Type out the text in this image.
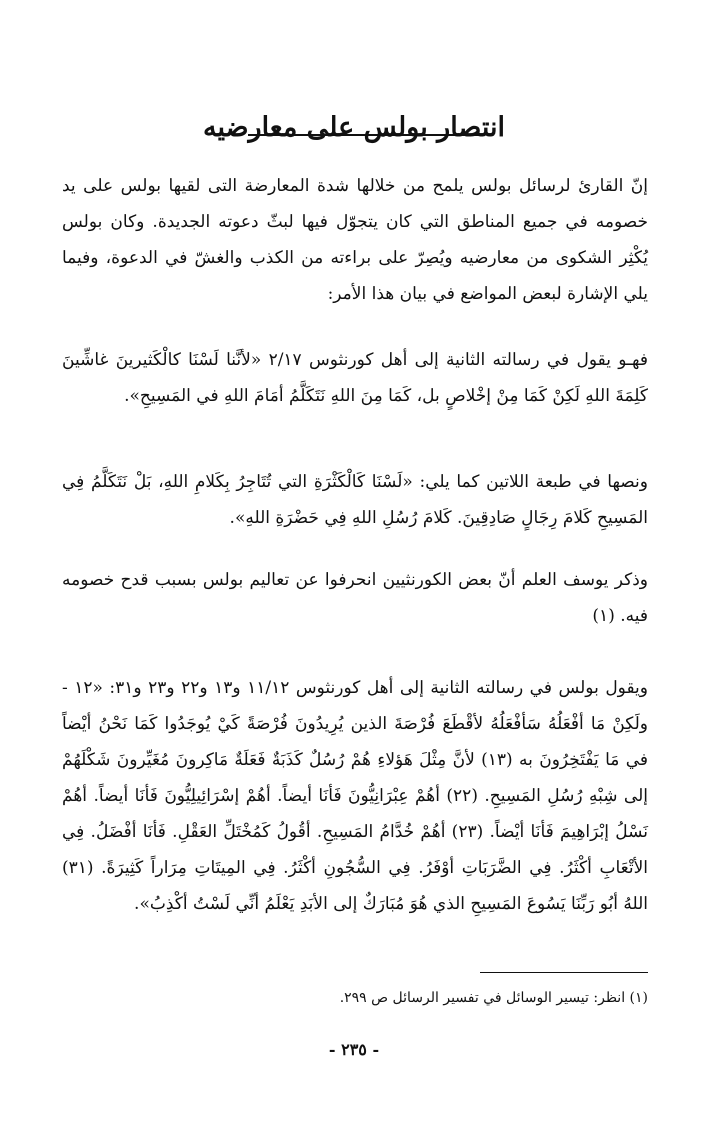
انتصار بولس على معارضيه

إنّ القارئ لرسائل بولس يلمح من خلالها شدة المعارضة التى لقيها بولس على يد خصومه في جميع المناطق التي كان يتجوّل فيها لبثّ دعوته الجديدة. وكان بولس يُكْثِر الشكوى من معارضيه ويُصِرّ على براءته من الكذب والغشّ في الدعوة، وفيما يلي الإشارة لبعض المواضع في بيان هذا الأمر:

فهـو يقول في رسالته الثانية إلى أهل كورنثوس ٢/١٧ «لأنَّنا لَسْنَا كالْكَثيرينَ غاشِّينَ كَلِمَةَ اللهِ لَكِنْ كَمَا مِنْ إخْلاصٍ بل، كَمَا مِنَ اللهِ نَتَكَلَّمُ أمَامَ اللهِ في المَسِيحِ».

ونصها في طبعة اللاتين كما يلي: «لَسْنَا كَالْكَثْرَةِ التي تُتَاجِرُ بِكَلامِ اللهِ، بَلْ نَتَكَلَّمُ فِي المَسِيحِ كَلامَ رِجَالٍ صَادِقِينَ. كَلامَ رُسُلِ اللهِ فِي حَضْرَةِ اللهِ».

وذكر يوسف العلم أنّ بعض الكورنثيين انحرفوا عن تعاليم بولس بسبب قدح خصومه فيه. (١)

ويقول بولس في رسالته الثانية إلى أهل كورنثوس ١١/١٢ و١٣ و٢٢ و٢٣ و٣١: «١٢ - ولَكِنْ مَا أفْعَلُهُ سَأفْعَلُهُ لأقْطَعَ فُرْصَةَ الذين يُرِيدُونَ فُرْصَةً كَيْ يُوجَدُوا كَمَا نَحْنُ أيْضاً في مَا يَفْتَخِرُونَ به (١٣) لأنَّ مِثْلَ هَؤلاءِ هُمْ رُسُلٌ كَذَبَةٌ فَعَلَةٌ مَاكِرونَ مُغَيِّرونَ شَكْلَهُمْ إلى شِبْهِ رُسُلِ المَسِيحِ. (٢٢) أهُمْ عِبْرَانِيُّونَ فَأنَا أيضاً. أهُمْ إسْرَائِيلِيُّونَ فَأنَا أيضاً. أهُمْ نَسْلُ إبْرَاهِيمَ فَأنَا أيْضاً. (٢٣) أهُمْ خُدَّامُ المَسِيحِ. أقُولُ كَمُخْتَلِّ العَقْلِ. فَأنَا أفْضَلُ. فِي الأتْعَابِ أكْثَرُ. فِي الضَّرَبَاتِ أوْفَرُ. فِي السُّجُونِ أكْثَرُ. فِي المِيتَاتِ مِرَاراً كَثِيرَةً. (٣١) اللهُ أبُو رَبِّنَا يَسُوعَ المَسِيحِ الذي هُوَ مُبَارَكٌ إلى الأبَدِ يَعْلَمُ أنِّي لَسْتُ أكْذِبُ».

(١) انظر: تيسير الوسائل في تفسير الرسائل ص ٢٩٩.

- ٢٣٥ -
